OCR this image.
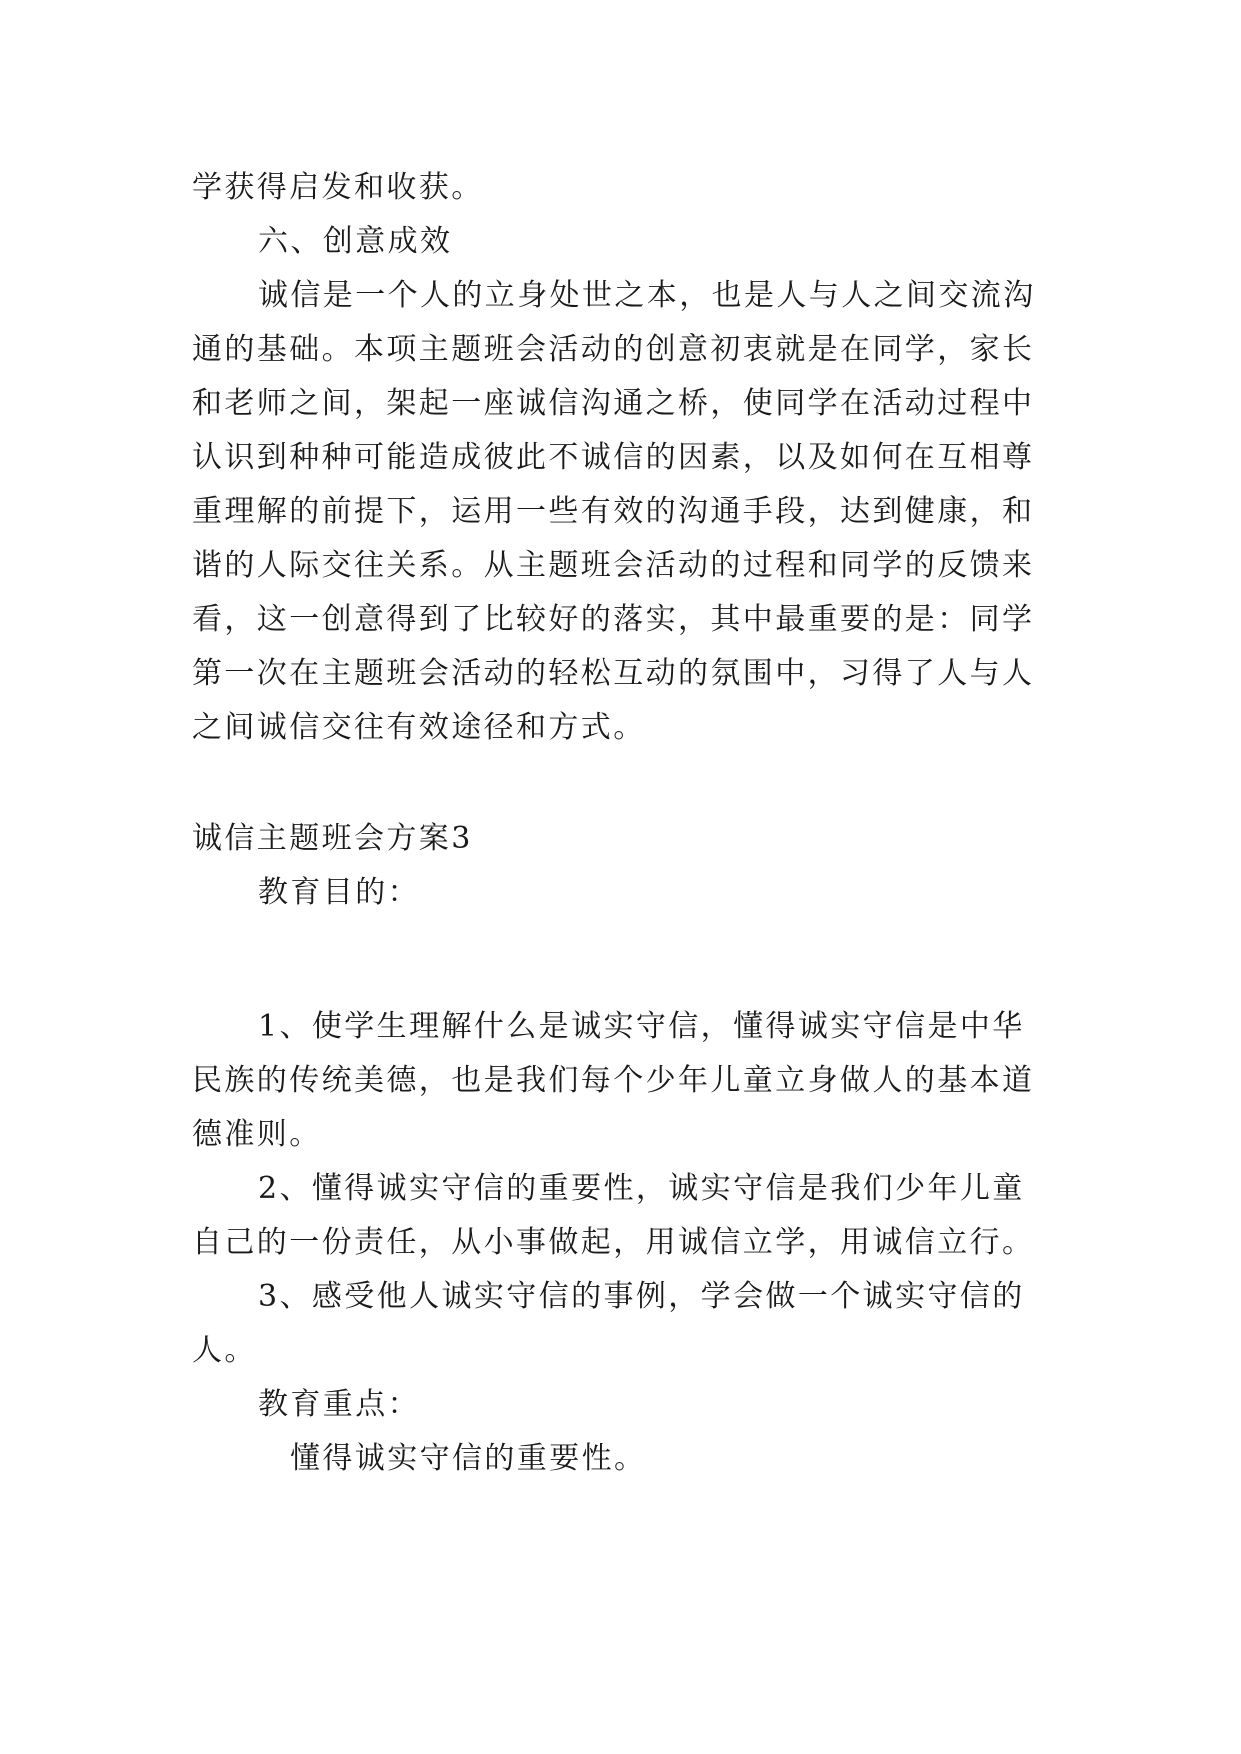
学获得启发和收获。
六、创意成效
诚信是一个人的立身处世之本，也是人与人之间交流沟
通的基础。本项主题班会活动的创意初衷就是在同学，家长
和老师之间，架起一座诚信沟通之桥，使同学在活动过程中
认识到种种可能造成彼此不诚信的因素，以及如何在互相尊
重理解的前提下，运用一些有效的沟通手段，达到健康，和
谐的人际交往关系。从主题班会活动的过程和同学的反馈来
看，这一创意得到了比较好的落实，其中最重要的是：同学
第一次在主题班会活动的轻松互动的氛围中，习得了人与人
之间诚信交往有效途径和方式。
诚信主题班会方案3
教育目的：
1、使学生理解什么是诚实守信，懂得诚实守信是中华
民族的传统美德，也是我们每个少年儿童立身做人的基本道
德准则。
2、懂得诚实守信的重要性，诚实守信是我们少年儿童
自己的一份责任，从小事做起，用诚信立学，用诚信立行。
3、感受他人诚实守信的事例，学会做一个诚实守信的
人。
教育重点：
懂得诚实守信的重要性。
